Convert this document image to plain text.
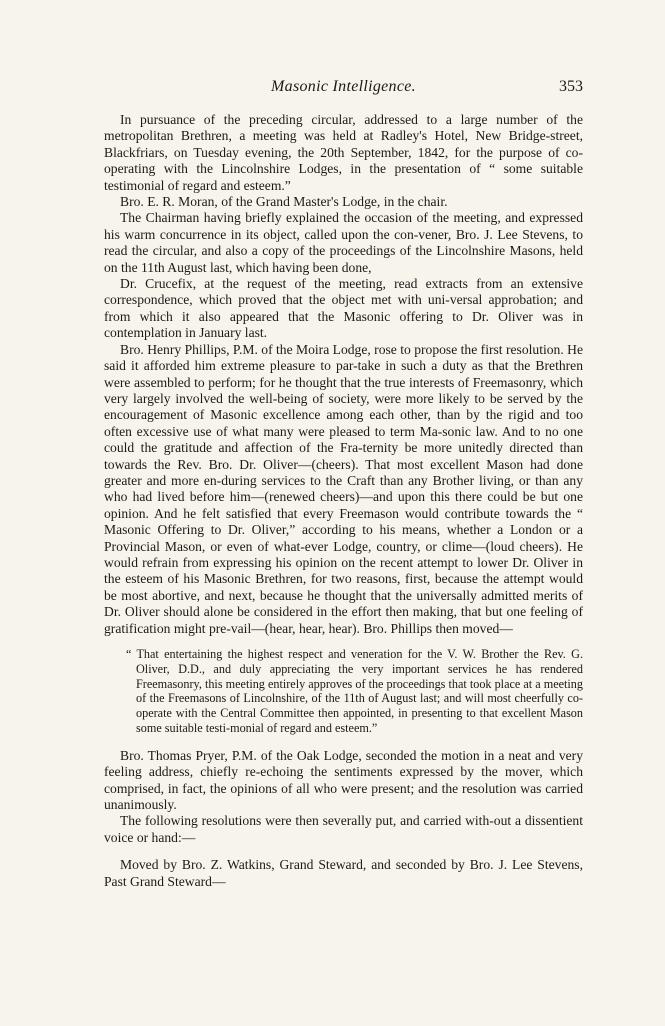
Masonic Intelligence.	353

In pursuance of the preceding circular, addressed to a large number of the metropolitan Brethren, a meeting was held at Radley's Hotel, New Bridge-street, Blackfriars, on Tuesday evening, the 20th September, 1842, for the purpose of co-operating with the Lincolnshire Lodges, in the presentation of “ some suitable testimonial of regard and esteem.”

Bro. E. R. Moran, of the Grand Master's Lodge, in the chair.

The Chairman having briefly explained the occasion of the meeting, and expressed his warm concurrence in its object, called upon the con-vener, Bro. J. Lee Stevens, to read the circular, and also a copy of the proceedings of the Lincolnshire Masons, held on the 11th August last, which having been done,

Dr. Crucefix, at the request of the meeting, read extracts from an extensive correspondence, which proved that the object met with uni-versal approbation; and from which it also appeared that the Masonic offering to Dr. Oliver was in contemplation in January last.

Bro. Henry Phillips, P.M. of the Moira Lodge, rose to propose the first resolution. He said it afforded him extreme pleasure to par-take in such a duty as that the Brethren were assembled to perform; for he thought that the true interests of Freemasonry, which very largely involved the well-being of society, were more likely to be served by the encouragement of Masonic excellence among each other, than by the rigid and too often excessive use of what many were pleased to term Ma-sonic law. And to no one could the gratitude and affection of the Fra-ternity be more unitedly directed than towards the Rev. Bro. Dr. Oliver—(cheers). That most excellent Mason had done greater and more en-during services to the Craft than any Brother living, or than any who had lived before him—(renewed cheers)—and upon this there could be but one opinion. And he felt satisfied that every Freemason would contribute towards the “ Masonic Offering to Dr. Oliver,” according to his means, whether a London or a Provincial Mason, or even of what-ever Lodge, country, or clime—(loud cheers). He would refrain from expressing his opinion on the recent attempt to lower Dr. Oliver in the esteem of his Masonic Brethren, for two reasons, first, because the attempt would be most abortive, and next, because he thought that the universally admitted merits of Dr. Oliver should alone be considered in the effort then making, that but one feeling of gratification might pre-vail—(hear, hear, hear). Bro. Phillips then moved—

“ That entertaining the highest respect and veneration for the V. W. Brother the Rev. G. Oliver, D.D., and duly appreciating the very important services he has rendered Freemasonry, this meeting entirely approves of the proceedings that took place at a meeting of the Freemasons of Lincolnshire, of the 11th of August last; and will most cheerfully co-operate with the Central Committee then appointed, in presenting to that excellent Mason some suitable testi-monial of regard and esteem.”

Bro. Thomas Pryer, P.M. of the Oak Lodge, seconded the motion in a neat and very feeling address, chiefly re-echoing the sentiments expressed by the mover, which comprised, in fact, the opinions of all who were present; and the resolution was carried unanimously.

The following resolutions were then severally put, and carried with-out a dissentient voice or hand:—

Moved by Bro. Z. Watkins, Grand Steward, and seconded by Bro. J. Lee Stevens, Past Grand Steward—
